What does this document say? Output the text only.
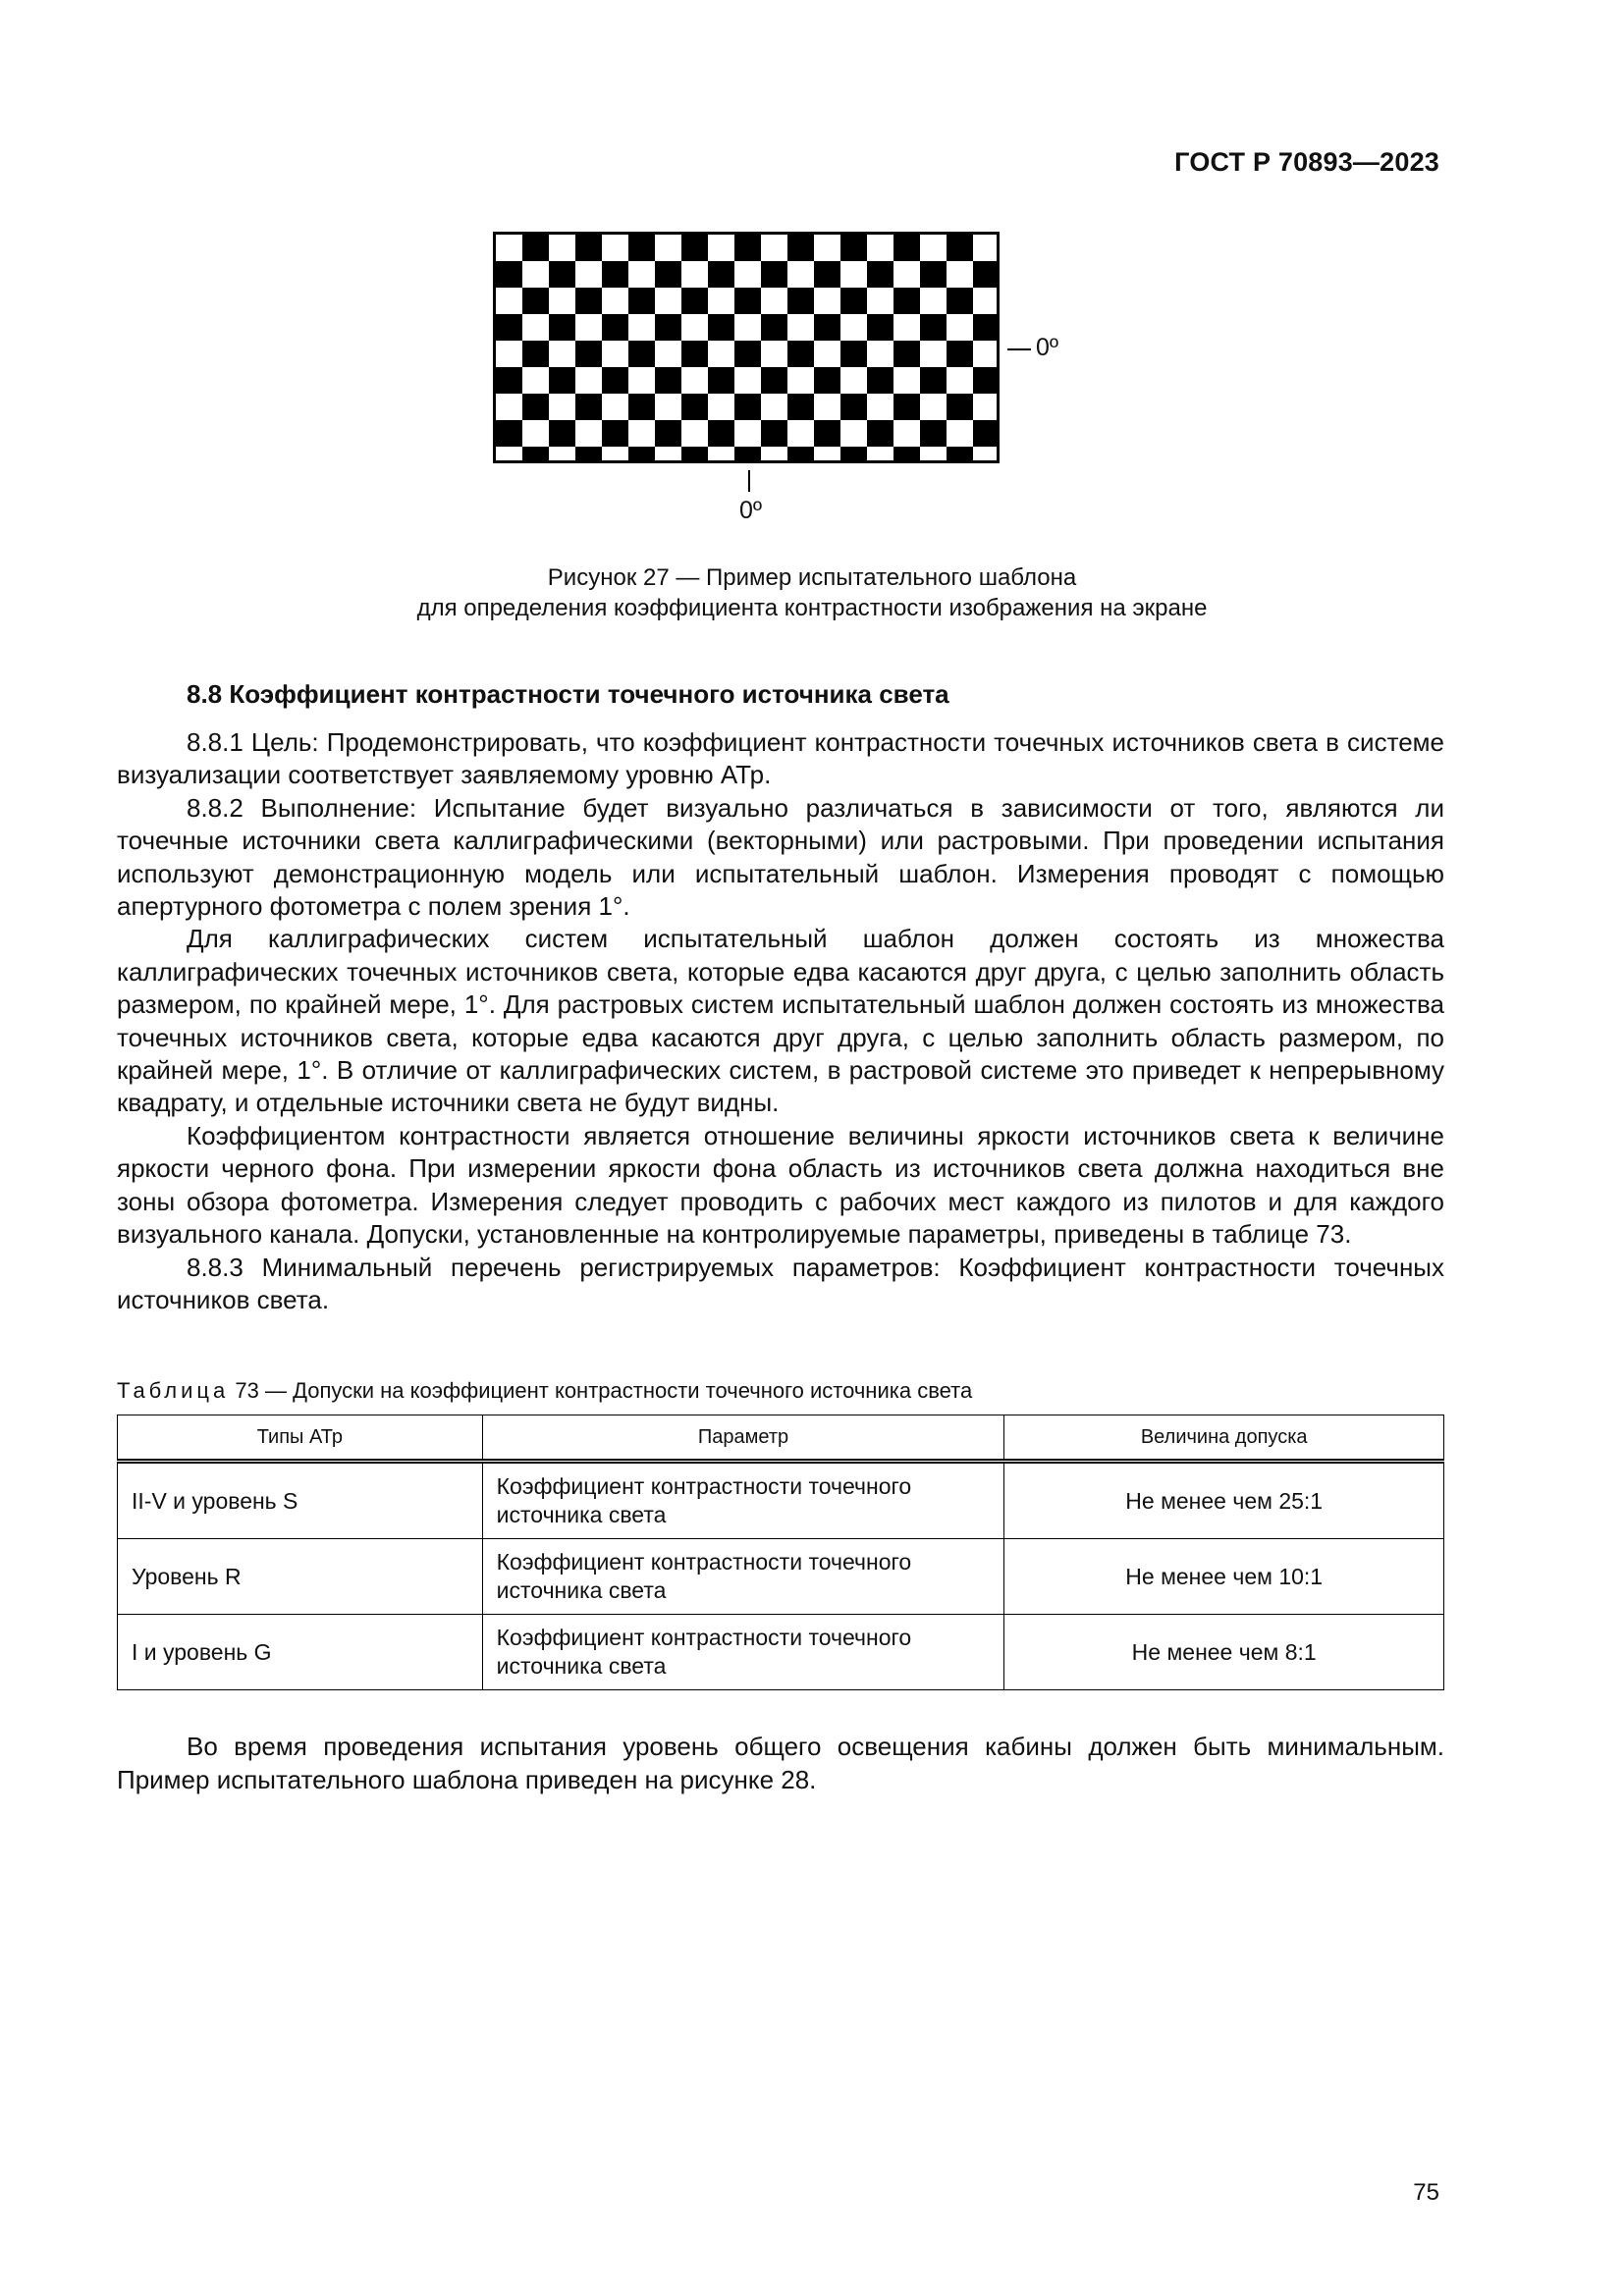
ГОСТ Р 70893—2023
0º
0º
Рисунок 27 — Пример испытательного шаблона
для определения коэффициента контрастности изображения на экране
8.8 Коэффициент контрастности точечного источника света

8.8.1 Цель: Продемонстрировать, что коэффициент контрастности точечных источников света в системе визуализации соответствует заявляемому уровню АТр.

8.8.2 Выполнение: Испытание будет визуально различаться в зависимости от того, являются ли точечные источники света каллиграфическими (векторными) или растровыми. При проведении испытания используют демонстрационную модель или испытательный шаблон. Измерения проводят с помощью апертурного фотометра с полем зрения 1°.

Для каллиграфических систем испытательный шаблон должен состоять из множества каллиграфических точечных источников света, которые едва касаются друг друга, с целью заполнить область размером, по крайней мере, 1°. Для растровых систем испытательный шаблон должен состоять из множества точечных источников света, которые едва касаются друг друга, с целью заполнить область размером, по крайней мере, 1°. В отличие от каллиграфических систем, в растровой системе это приведет к непрерывному квадрату, и отдельные источники света не будут видны.

Коэффициентом контрастности является отношение величины яркости источников света к величине яркости черного фона. При измерении яркости фона область из источников света должна находиться вне зоны обзора фотометра. Измерения следует проводить с рабочих мест каждого из пилотов и для каждого визуального канала. Допуски, установленные на контролируемые параметры, приведены в таблице 73.

8.8.3 Минимальный перечень регистрируемых параметров: Коэффициент контрастности точечных источников света.

Таблица 73 — Допуски на коэффициент контрастности точечного источника света
Типы АТр	Параметр	Величина допуска
II-V и уровень S	Коэффициент контрастности точечного источника света	Не менее чем 25:1
Уровень R	Коэффициент контрастности точечного источника света	Не менее чем 10:1
I и уровень G	Коэффициент контрастности точечного источника света	Не менее чем 8:1

Во время проведения испытания уровень общего освещения кабины должен быть минимальным. Пример испытательного шаблона приведен на рисунке 28.

75
